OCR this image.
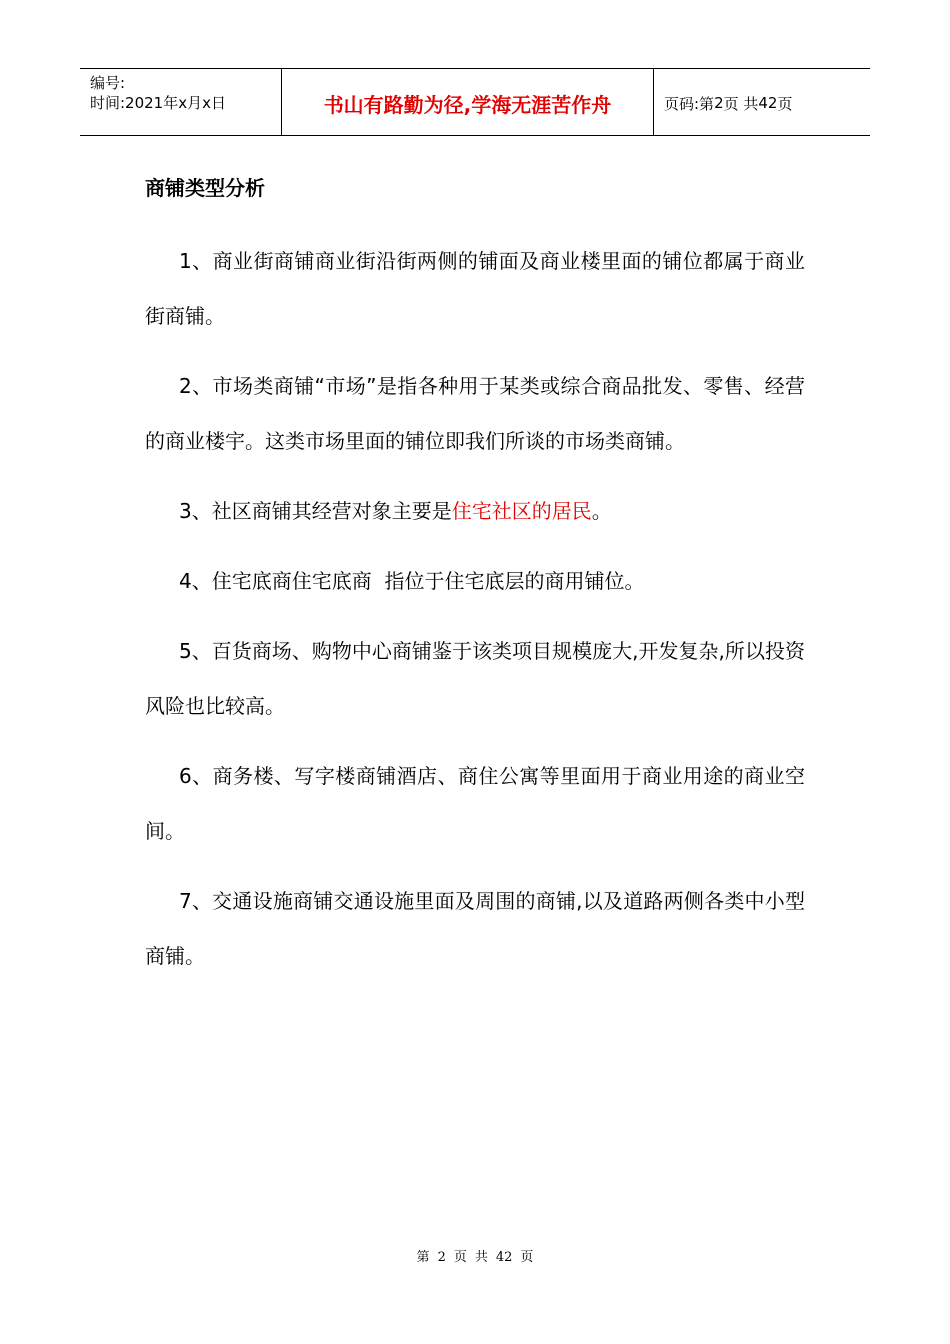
编号:
时间:2021年x月x日	书山有路勤为径,学海无涯苦作舟	页码:第 2 页 共 42 页
商铺类型分析

1、商业街商铺商业街沿街两侧的铺面及商业楼里面的铺位都属于商业街商铺。

2、市场类商铺“市场”是指各种用于某类或综合商品批发、零售、经营的商业楼宇。这类市场里面的铺位即我们所谈的市场类商铺。

3、社区商铺其经营对象主要是住宅社区的居民。

4、住宅底商住宅底商  指位于住宅底层的商用铺位。

5、百货商场、购物中心商铺鉴于该类项目规模庞大,开发复杂,所以投资风险也比较高。

6、商务楼、写字楼商铺酒店、商住公寓等里面用于商业用途的商业空间。

7、交通设施商铺交通设施里面及周围的商铺,以及道路两侧各类中小型商铺。

第 2 页 共 42 页
